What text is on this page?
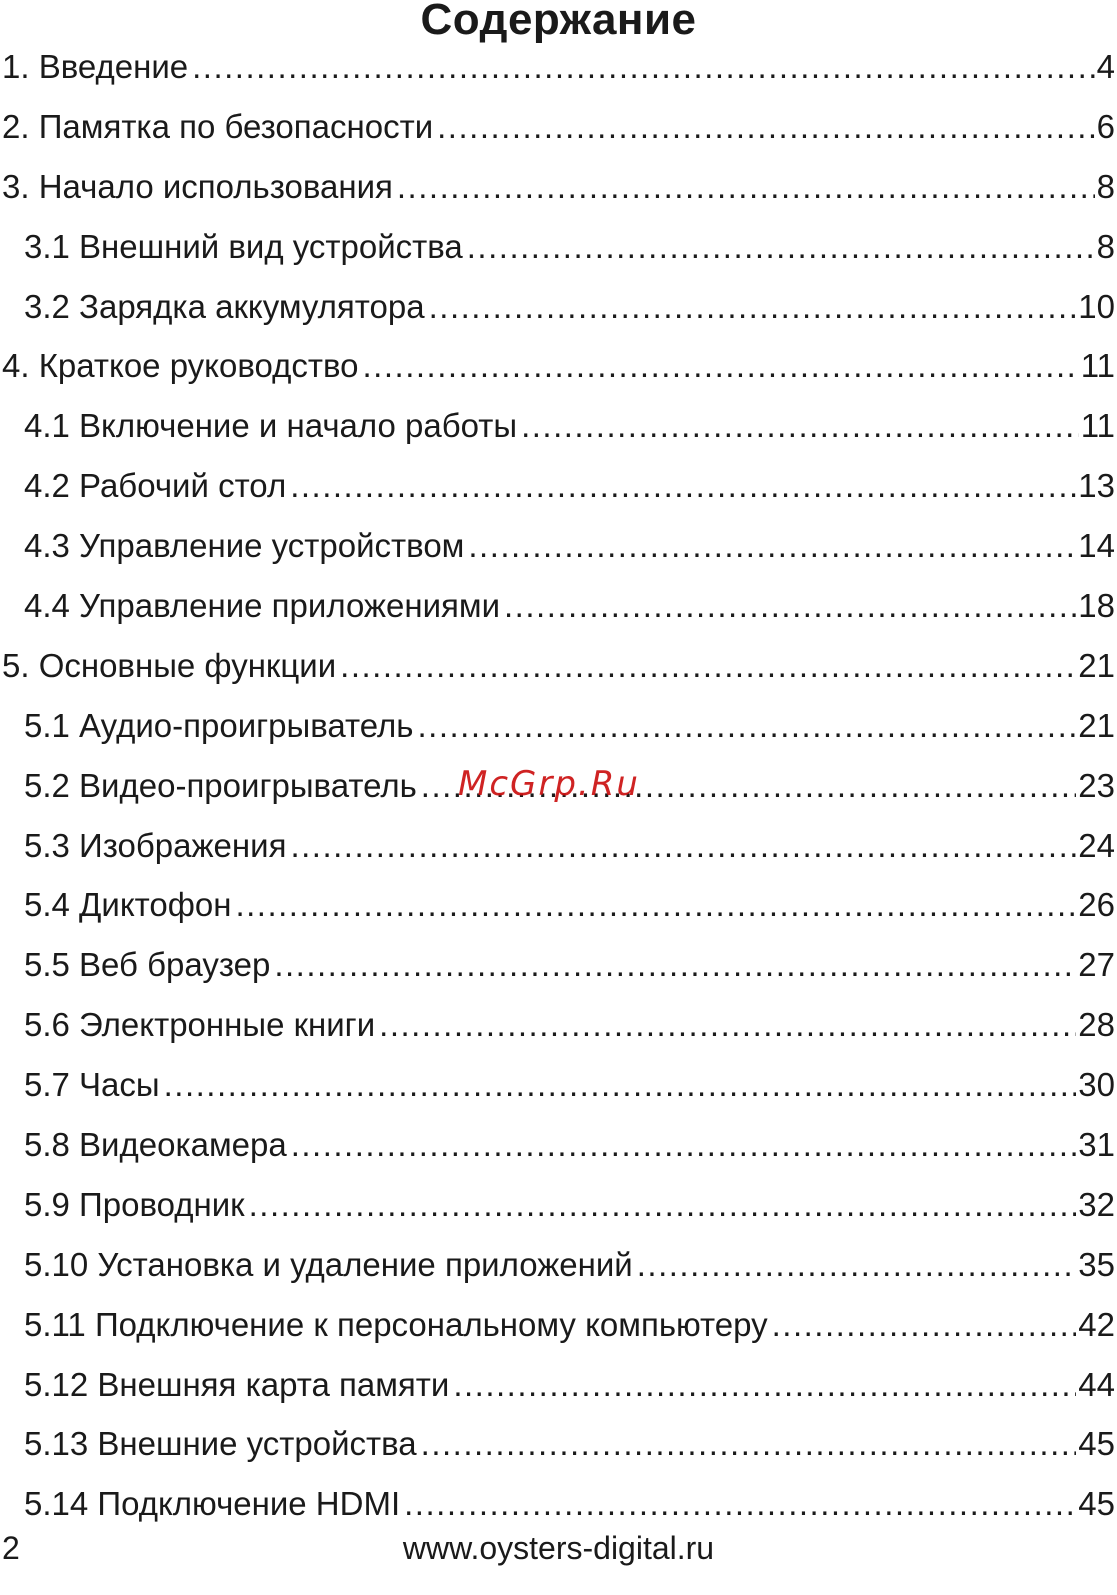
Содержание
1. Введение .....	4
2. Памятка по безопасности .....	6
3. Начало использования .....	8
3.1 Внешний вид устройства .....	8
3.2 Зарядка аккумулятора .....	10
4. Краткое руководство .....	11
4.1 Включение и начало работы .....	11
4.2 Рабочий стол .....	13
4.3 Управление устройством .....	14
4.4 Управление приложениями .....	18
5. Основные функции .....	21
5.1 Аудио-проигрыватель .....	21
5.2 Видео-проигрыватель .....	23
5.3 Изображения .....	24
5.4 Диктофон .....	26
5.5 Веб браузер .....	27
5.6 Электронные книги .....	28
5.7 Часы .....	30
5.8 Видеокамера .....	31
5.9 Проводник .....	32
5.10 Установка и удаление приложений .....	35
5.11 Подключение к персональному компьютеру .....	42
5.12 Внешняя карта памяти .....	44
5.13 Внешние устройства .....	45
5.14 Подключение HDMI .....	45
McGrp.Ru
2	www.oysters-digital.ru
